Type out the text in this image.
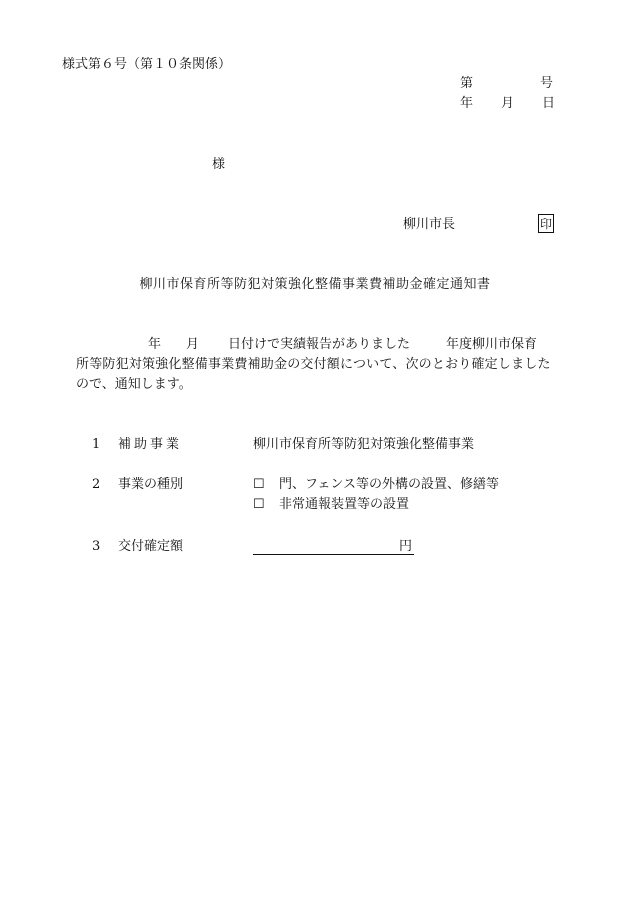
様式第６号（第１０条関係）
第	号
年 月 日
様
柳川市長	印
柳川市保育所等防犯対策強化整備事業費補助金確定通知書
年 月 日付けで実績報告がありました	年度柳川市保育
所等防犯対策強化整備事業費補助金の交付額について、次のとおり確定しました
ので、通知します。
1	補助事業	柳川市保育所等防犯対策強化整備事業
2	事業の種別	☐ 門、フェンス等の外構の設置、修繕等
☐ 非常通報装置等の設置
3	交付確定額	円
